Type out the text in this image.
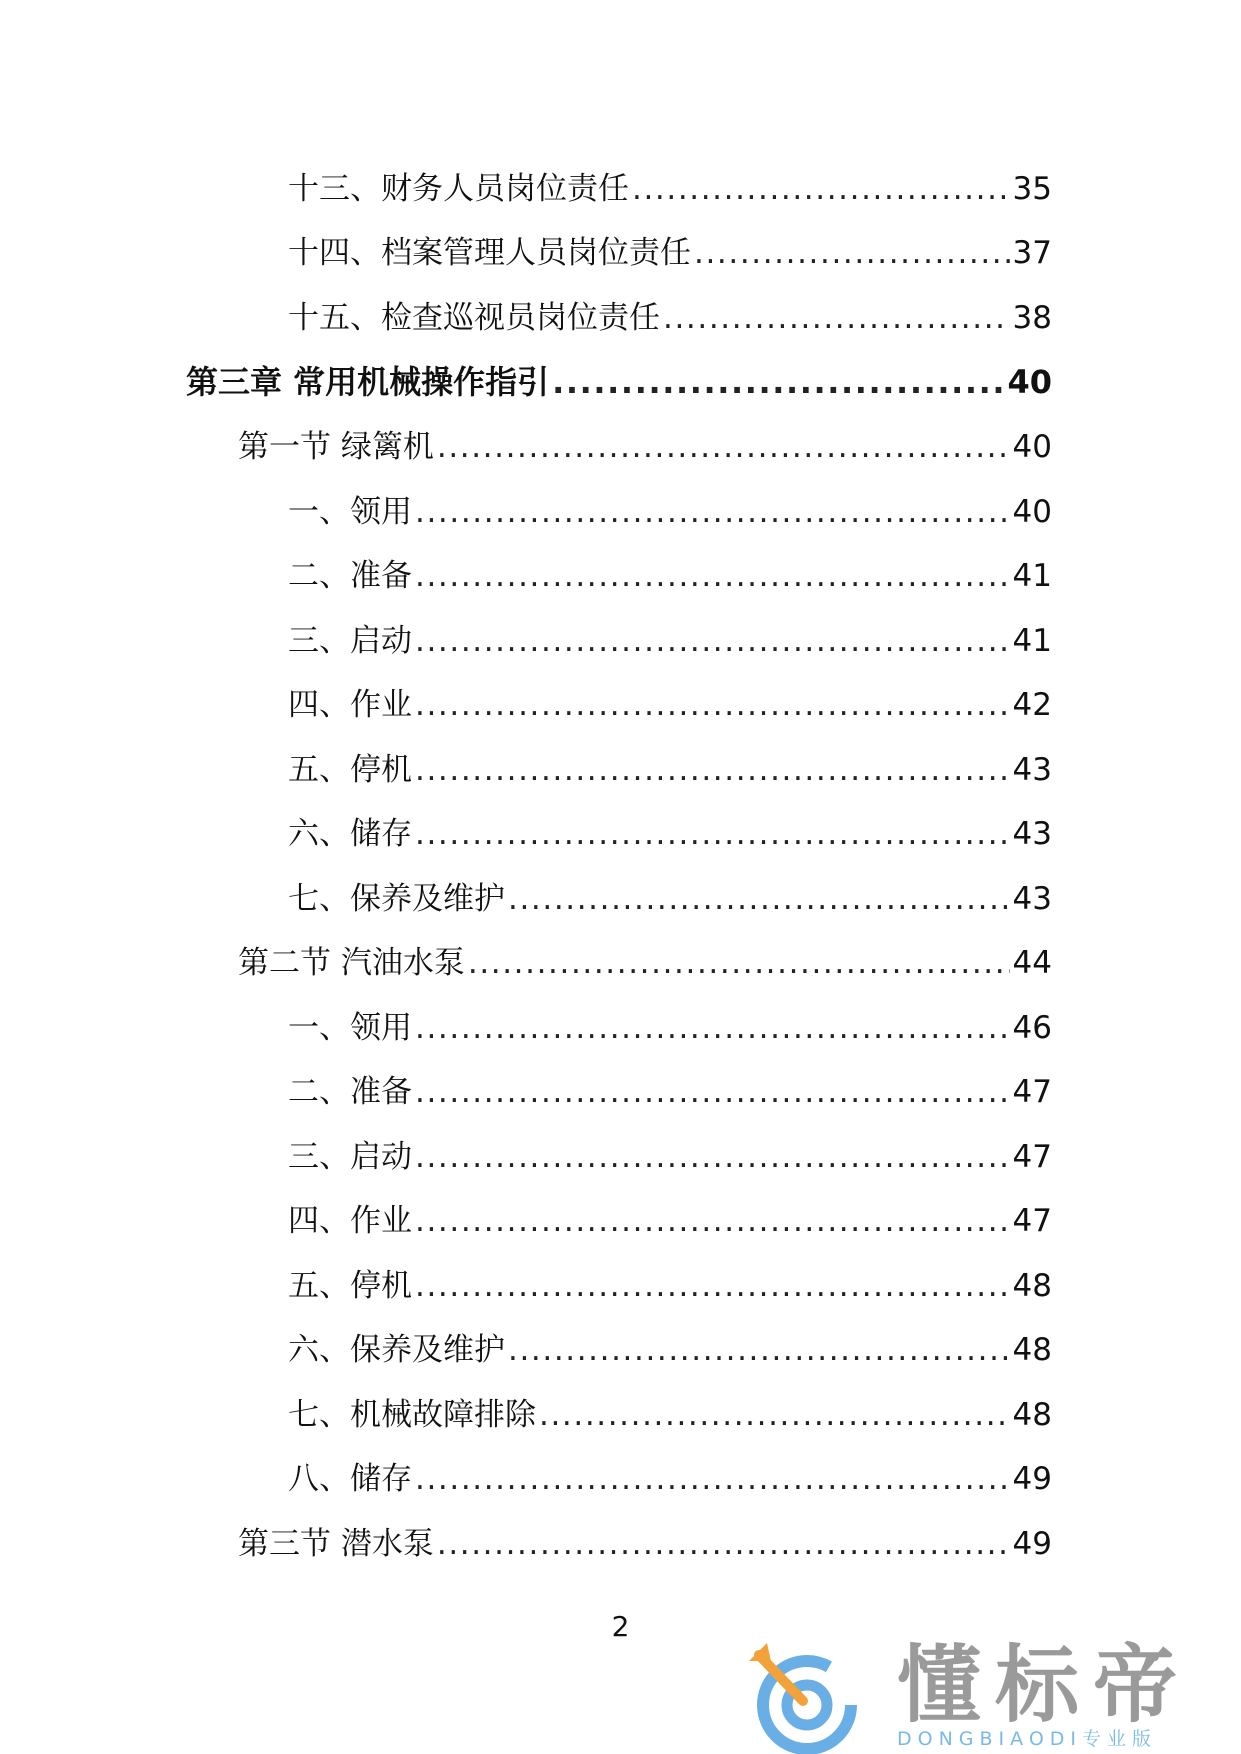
十三、财务人员岗位责任 .....	35
十四、档案管理人员岗位责任 .....	37
十五、检查巡视员岗位责任 .....	38
第三章 常用机械操作指引 .....	40
第一节 绿篱机 .....	40
一、领用 .....	40
二、准备 .....	41
三、启动 .....	41
四、作业 .....	42
五、停机 .....	43
六、储存 .....	43
七、保养及维护 .....	43
第二节 汽油水泵 .....	44
一、领用 .....	46
二、准备 .....	47
三、启动 .....	47
四、作业 .....	47
五、停机 .....	48
六、保养及维护 .....	48
七、机械故障排除 .....	48
八、储存 .....	49
第三节 潜水泵 .....	49
2
懂标帝
DONGBIAODI专业版
